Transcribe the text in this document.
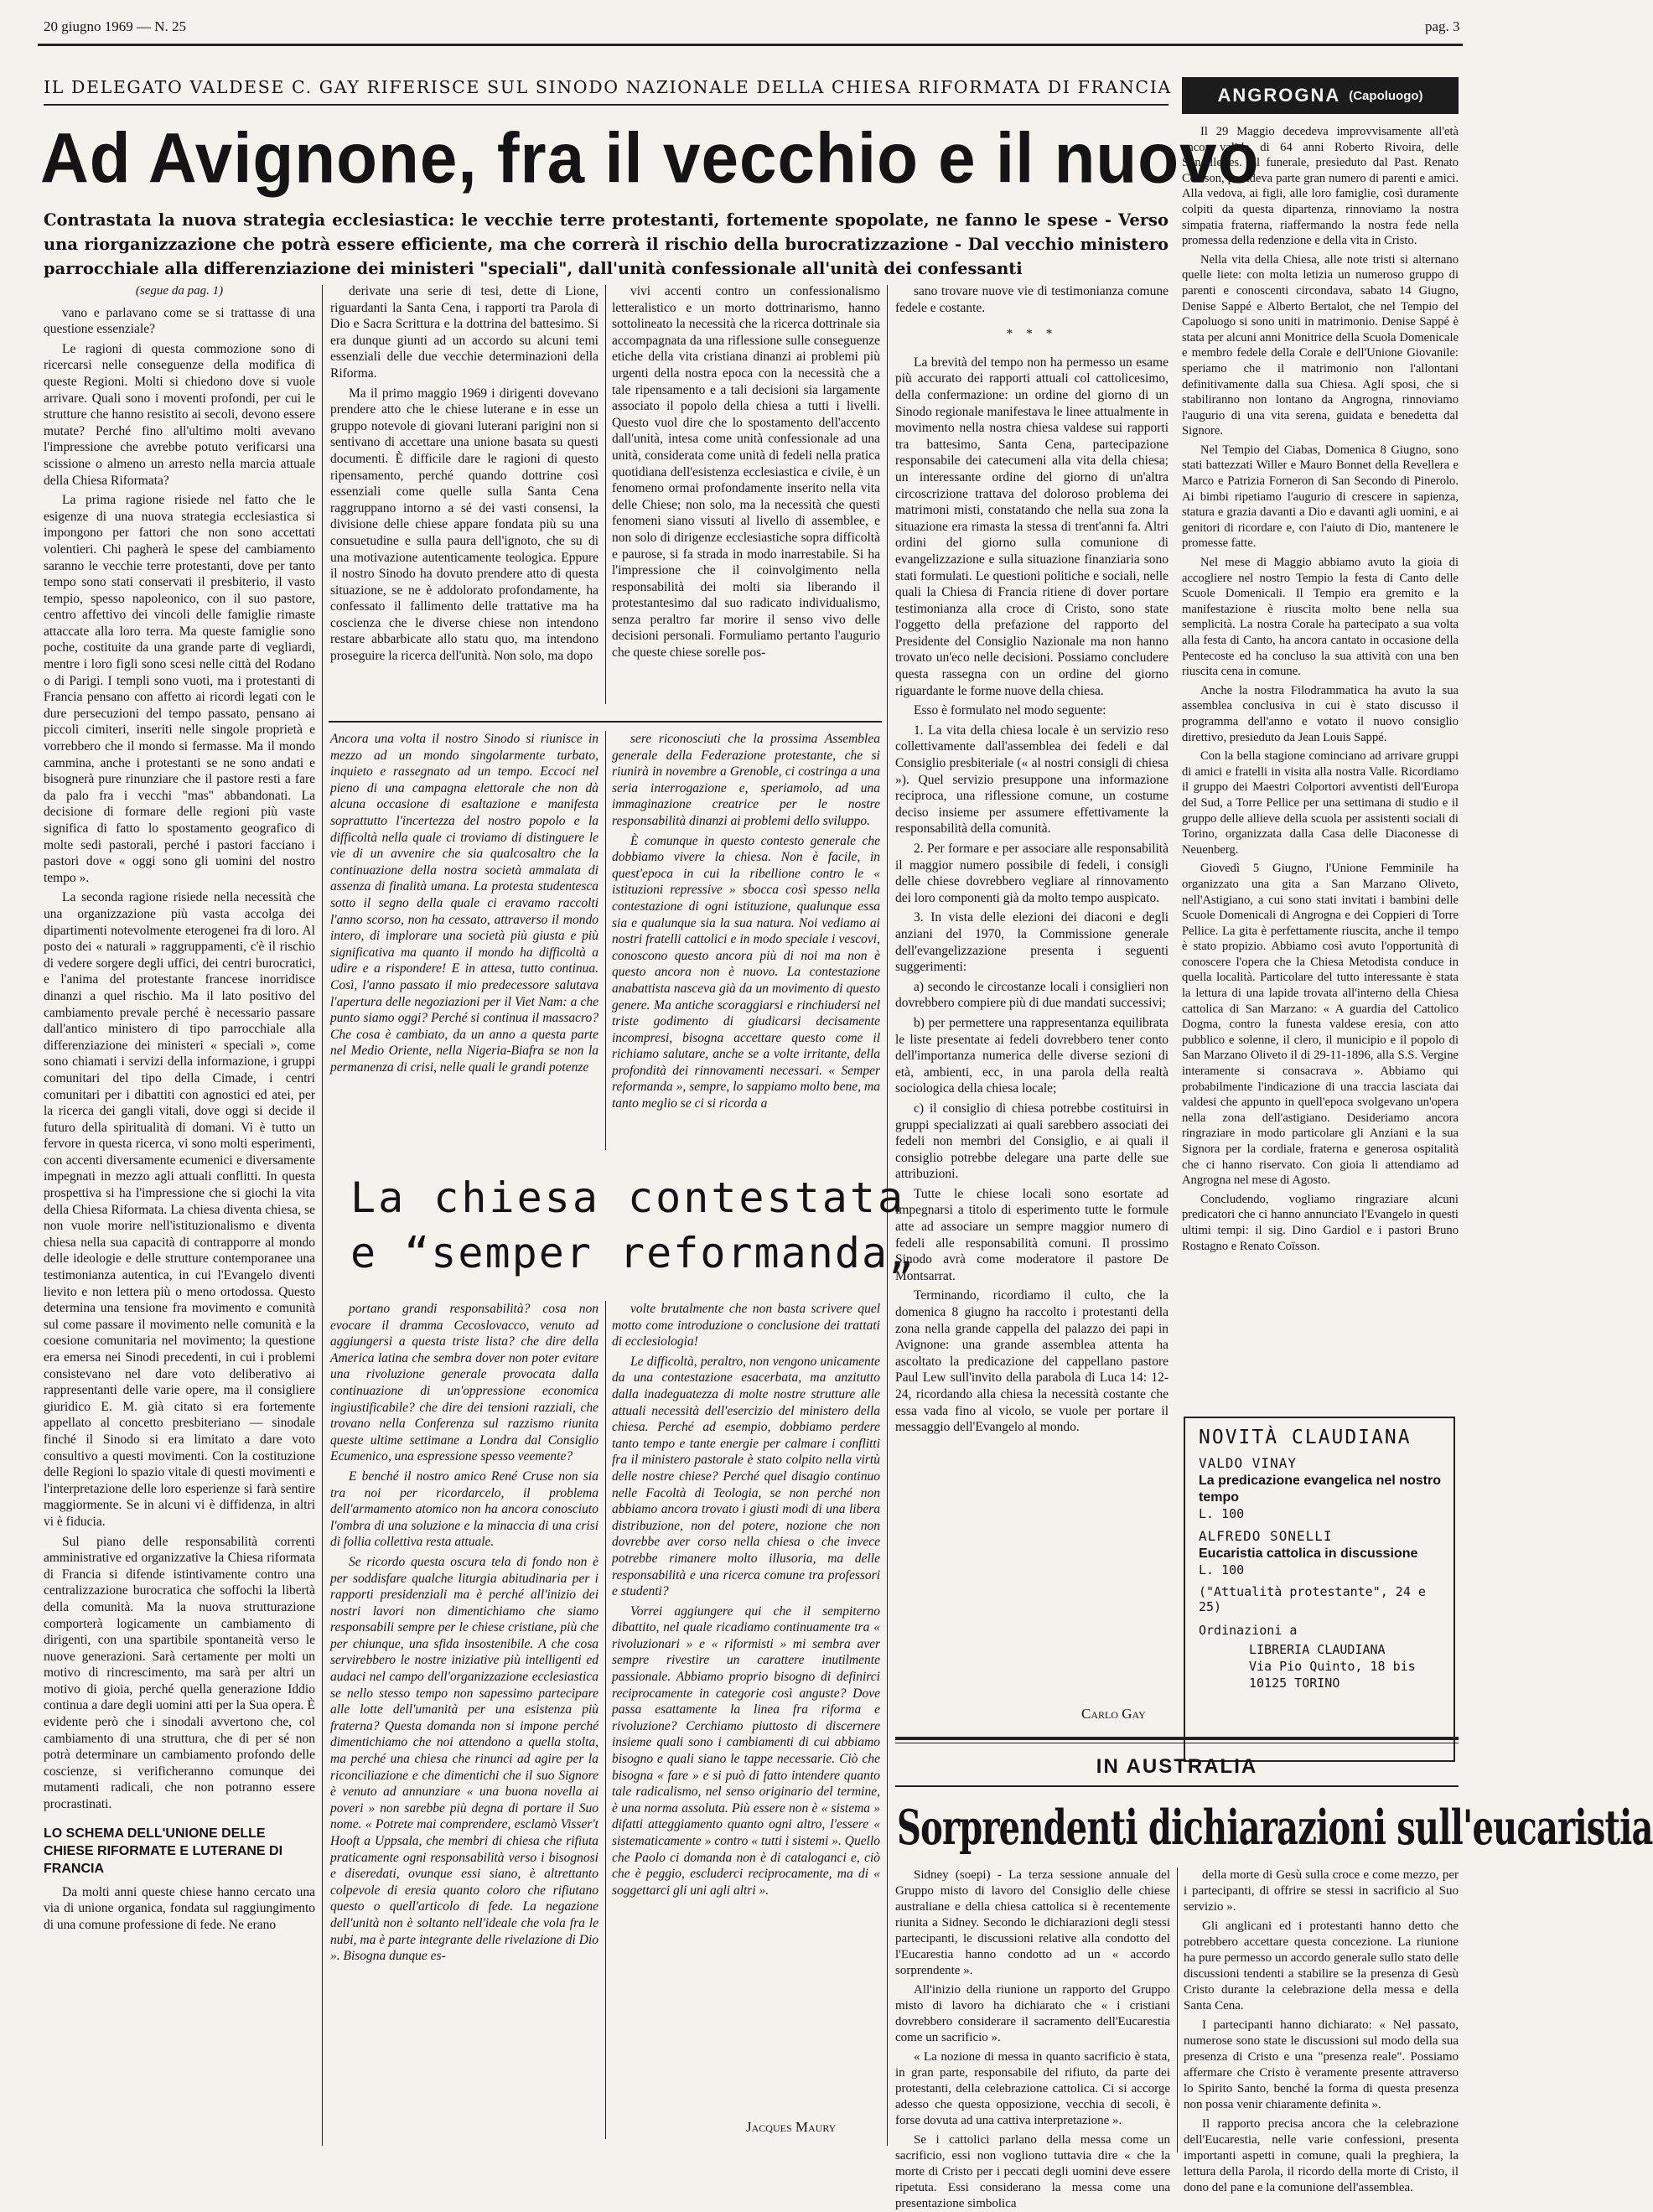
20 giugno 1969 — N. 25	pag. 3
IL DELEGATO VALDESE C. GAY RIFERISCE SUL SINODO NAZIONALE DELLA CHIESA RIFORMATA DI FRANCIA
Ad Avignone, fra il vecchio e il nuovo
Contrastata la nuova strategia ecclesiastica: le vecchie terre protestanti, fortemente spopolate, ne fanno le spese - Verso una riorganizzazione che potrà essere efficiente, ma che correrà il rischio della burocratizzazione - Dal vecchio ministero parrocchiale alla differenziazione dei ministeri "speciali", dall'unità confessionale all'unità dei confessanti
(segue da pag. 1)

vano e parlavano come se si trattasse di una questione essenziale?

Le ragioni di questa commozione sono di ricercarsi nelle conseguenze della modifica di queste Regioni. Molti si chiedono dove si vuole arrivare. Quali sono i moventi profondi, per cui le strutture che hanno resistito ai secoli, devono essere mutate? Perché fino all'ultimo molti avevano l'impressione che avrebbe potuto verificarsi una scissione o almeno un arresto nella marcia attuale della Chiesa Riformata?

La prima ragione risiede nel fatto che le esigenze di una nuova strategia ecclesiastica si impongono per fattori che non sono accettati volentieri. Chi pagherà le spese del cambiamento saranno le vecchie terre protestanti, dove per tanto tempo sono stati conservati il presbiterio, il vasto tempio, spesso napoleonico, con il suo pastore, centro affettivo dei vincoli delle famiglie rimaste attaccate alla loro terra. Ma queste famiglie sono poche, costituite da una grande parte di vegliardi, mentre i loro figli sono scesi nelle città del Rodano o di Parigi. I templi sono vuoti, ma i protestanti di Francia pensano con affetto ai ricordi legati con le dure persecuzioni del tempo passato, pensano ai piccoli cimiteri, inseriti nelle singole proprietà e vorrebbero che il mondo si fermasse. Ma il mondo cammina, anche i protestanti se ne sono andati e bisognerà pure rinunziare che il pastore resti a fare da palo fra i vecchi "mas" abbandonati. La decisione di formare delle regioni più vaste significa di fatto lo spostamento geografico di molte sedi pastorali, perché i pastori facciano i pastori dove « oggi sono gli uomini del nostro tempo ».

La seconda ragione risiede nella necessità che una organizzazione più vasta accolga dei dipartimenti notevolmente eterogenei fra di loro. Al posto dei « naturali » raggruppamenti, c'è il rischio di vedere sorgere degli uffici, dei centri burocratici, e l'anima del protestante francese inorridisce dinanzi a quel rischio. Ma il lato positivo del cambiamento prevale perché è necessario passare dall'antico ministero di tipo parrocchiale alla differenziazione dei ministeri « speciali », come sono chiamati i servizi della informazione, i gruppi comunitari del tipo della Cimade, i centri comunitari per i dibattiti con agnostici ed atei, per la ricerca dei gangli vitali, dove oggi si decide il futuro della spiritualità di domani. Vi è tutto un fervore in questa ricerca, vi sono molti esperimenti, con accenti diversamente ecumenici e diversamente impegnati in mezzo agli attuali conflitti. In questa prospettiva si ha l'impressione che si giochi la vita della Chiesa Riformata. La chiesa diventa chiesa, se non vuole morire nell'istituzionalismo e diventa chiesa nella sua capacità di contrapporre al mondo delle ideologie e delle strutture contemporanee una testimonianza autentica, in cui l'Evangelo diventi lievito e non lettera più o meno ortodossa. Questo determina una tensione fra movimento e comunità sul come passare il movimento nelle comunità e la coesione comunitaria nel movimento; la questione era emersa nei Sinodi precedenti, in cui i problemi consistevano nel dare voto deliberativo ai rappresentanti delle varie opere, ma il consigliere giuridico E. M. già citato si era fortemente appellato al concetto presbiteriano — sinodale finché il Sinodo si era limitato a dare voto consultivo a questi movimenti. Con la costituzione delle Regioni lo spazio vitale di questi movimenti e l'interpretazione delle loro esperienze si farà sentire maggiormente. Se in alcuni vi è diffidenza, in altri vi è fiducia.

Sul piano delle responsabilità correnti amministrative ed organizzative la Chiesa riformata di Francia si difende istintivamente contro una centralizzazione burocratica che soffochi la libertà della comunità. Ma la nuova strutturazione comporterà logicamente un cambiamento di dirigenti, con una spartibile spontaneità verso le nuove generazioni. Sarà certamente per molti un motivo di rincrescimento, ma sarà per altri un motivo di gioia, perché quella generazione Iddio continua a dare degli uomini atti per la Sua opera. È evidente però che i sinodali avvertono che, col cambiamento di una struttura, che di per sé non potrà determinare un cambiamento profondo delle coscienze, si verificheranno comunque dei mutamenti radicali, che non potranno essere procrastinati.

LO SCHEMA DELL'UNIONE DELLE CHIESE RIFORMATE E LUTERANE DI FRANCIA

Da molti anni queste chiese hanno cercato una via di unione organica, fondata sul raggiungimento di una comune professione di fede. Ne erano

derivate una serie di tesi, dette di Lione, riguardanti la Santa Cena, i rapporti tra Parola di Dio e Sacra Scrittura e la dottrina del battesimo. Si era dunque giunti ad un accordo su alcuni temi essenziali delle due vecchie determinazioni della Riforma.

Ma il primo maggio 1969 i dirigenti dovevano prendere atto che le chiese luterane e in esse un gruppo notevole di giovani luterani parigini non si sentivano di accettare una unione basata su questi documenti. È difficile dare le ragioni di questo ripensamento, perché quando dottrine così essenziali come quelle sulla Santa Cena raggruppano intorno a sé dei vasti consensi, la divisione delle chiese appare fondata più su una consuetudine e sulla paura dell'ignoto, che su di una motivazione autenticamente teologica. Eppure il nostro Sinodo ha dovuto prendere atto di questa situazione, se ne è addolorato profondamente, ha confessato il fallimento delle trattative ma ha coscienza che le diverse chiese non intendono restare abbarbicate allo statu quo, ma intendono proseguire la ricerca dell'unità. Non solo, ma dopo

vivi accenti contro un confessionalismo letteralistico e un morto dottrinarismo, hanno sottolineato la necessità che la ricerca dottrinale sia accompagnata da una riflessione sulle conseguenze etiche della vita cristiana dinanzi ai problemi più urgenti della nostra epoca con la necessità che a tale ripensamento e a tali decisioni sia largamente associato il popolo della chiesa a tutti i livelli. Questo vuol dire che lo spostamento dell'accento dall'unità, intesa come unità confessionale ad una unità, considerata come unità di fedeli nella pratica quotidiana dell'esistenza ecclesiastica e civile, è un fenomeno ormai profondamente inserito nella vita delle Chiese; non solo, ma la necessità che questi fenomeni siano vissuti al livello di assemblee, e non solo di dirigenze ecclesiastiche sopra difficoltà e paurose, si fa strada in modo inarrestabile. Si ha l'impressione che il coinvolgimento nella responsabilità dei molti sia liberando il protestantesimo dal suo radicato individualismo, senza peraltro far morire il senso vivo delle decisioni personali. Formuliamo pertanto l'augurio che queste chiese sorelle pos-

sano trovare nuove vie di testimonianza comune fedele e costante.

* * *

La brevità del tempo non ha permesso un esame più accurato dei rapporti attuali col cattolicesimo, della confermazione: un ordine del giorno di un Sinodo regionale manifestava le linee attualmente in movimento nella nostra chiesa valdese sui rapporti tra battesimo, Santa Cena, partecipazione responsabile dei catecumeni alla vita della chiesa; un interessante ordine del giorno di un'altra circoscrizione trattava del doloroso problema dei matrimoni misti, constatando che nella sua zona la situazione era rimasta la stessa di trent'anni fa. Altri ordini del giorno sulla comunione di evangelizzazione e sulla situazione finanziaria sono stati formulati. Le questioni politiche e sociali, nelle quali la Chiesa di Francia ritiene di dover portare testimonianza alla croce di Cristo, sono state l'oggetto della prefazione del rapporto del Presidente del Consiglio Nazionale ma non hanno trovato un'eco nelle decisioni. Possiamo concludere questa rassegna con un ordine del giorno riguardante le forme nuove della chiesa.

Esso è formulato nel modo seguente:

1. La vita della chiesa locale è un servizio reso collettivamente dall'assemblea dei fedeli e dal Consiglio presbiteriale (« al nostri consigli di chiesa »). Quel servizio presuppone una informazione reciproca, una riflessione comune, un costume deciso insieme per assumere effettivamente la responsabilità della comunità.

2. Per formare e per associare alle responsabilità il maggior numero possibile di fedeli, i consigli delle chiese dovrebbero vegliare al rinnovamento dei loro componenti già da molto tempo auspicato.

3. In vista delle elezioni dei diaconi e degli anziani del 1970, la Commissione generale dell'evangelizzazione presenta i seguenti suggerimenti:

a) secondo le circostanze locali i consiglieri non dovrebbero compiere più di due mandati successivi;

b) per permettere una rappresentanza equilibrata le liste presentate ai fedeli dovrebbero tener conto dell'importanza numerica delle diverse sezioni di età, ambienti, ecc, in una parola della realtà sociologica della chiesa locale;

c) il consiglio di chiesa potrebbe costituirsi in gruppi specializzati ai quali sarebbero associati dei fedeli non membri del Consiglio, e ai quali il consiglio potrebbe delegare una parte delle sue attribuzioni.

Tutte le chiese locali sono esortate ad impegnarsi a titolo di esperimento tutte le formule atte ad associare un sempre maggior numero di fedeli alle responsabilità comuni. Il prossimo Sinodo avrà come moderatore il pastore De Montsarrat.

Terminando, ricordiamo il culto, che la domenica 8 giugno ha raccolto i protestanti della zona nella grande cappella del palazzo dei papi in Avignone: una grande assemblea attenta ha ascoltato la predicazione del cappellano pastore Paul Lew sull'invito della parabola di Luca 14: 12-24, ricordando alla chiesa la necessità costante che essa vada fino al vicolo, se vuole per portare il messaggio dell'Evangelo al mondo.

Carlo Gay

Ancora una volta il nostro Sinodo si riunisce in mezzo ad un mondo singolarmente turbato, inquieto e rassegnato ad un tempo. Eccoci nel pieno di una campagna elettorale che non dà alcuna occasione di esaltazione e manifesta soprattutto l'incertezza del nostro popolo e la difficoltà nella quale ci troviamo di distinguere le vie di un avvenire che sia qualcosaltro che la continuazione della nostra società ammalata di assenza di finalità umana. La protesta studentesca sotto il segno della quale ci eravamo raccolti l'anno scorso, non ha cessato, attraverso il mondo intero, di implorare una società più giusta e più significativa ma quanto il mondo ha difficoltà a udire e a rispondere! E in attesa, tutto continua. Così, l'anno passato il mio predecessore salutava l'apertura delle negoziazioni per il Viet Nam: a che punto siamo oggi? Perché si continua il massacro? Che cosa è cambiato, da un anno a questa parte nel Medio Oriente, nella Nigeria-Biafra se non la permanenza di crisi, nelle quali le grandi potenze

sere riconosciuti che la prossima Assemblea generale della Federazione protestante, che si riunirà in novembre a Grenoble, ci costringa a una seria interrogazione e, speriamolo, ad una immaginazione creatrice per le nostre responsabilità dinanzi ai problemi dello sviluppo.

È comunque in questo contesto generale che dobbiamo vivere la chiesa. Non è facile, in quest'epoca in cui la ribellione contro le « istituzioni repressive » sbocca così spesso nella contestazione di ogni istituzione, qualunque essa sia e qualunque sia la sua natura. Noi vediamo ai nostri fratelli cattolici e in modo speciale i vescovi, conoscono questo ancora più di noi ma non è questo ancora non è nuovo. La contestazione anabattista nasceva già da un movimento di questo genere. Ma antiche scoraggiarsi e rinchiudersi nel triste godimento di giudicarsi decisamente incompresi, bisogna accettare questo come il richiamo salutare, anche se a volte irritante, della profondità dei rinnovamenti necessari. « Semper reformanda », sempre, lo sappiamo molto bene, ma tanto meglio se ci si ricorda a

La chiesa contestata
e “semper reformanda„

portano grandi responsabilità? cosa non evocare il dramma Cecoslovacco, venuto ad aggiungersi a questa triste lista? che dire della America latina che sembra dover non poter evitare una rivoluzione generale provocata dalla continuazione di un'oppressione economica ingiustificabile? che dire dei tensioni razziali, che trovano nella Conferenza sul razzismo riunita queste ultime settimane a Londra dal Consiglio Ecumenico, una espressione spesso veemente?

E benché il nostro amico René Cruse non sia tra noi per ricordarcelo, il problema dell'armamento atomico non ha ancora conosciuto l'ombra di una soluzione e la minaccia di una crisi di follia collettiva resta attuale.

Se ricordo questa oscura tela di fondo non è per soddisfare qualche liturgia abitudinaria per i rapporti presidenziali ma è perché all'inizio dei nostri lavori non dimentichiamo che siamo responsabili sempre per le chiese cristiane, più che per chiunque, una sfida insostenibile. A che cosa servirebbero le nostre iniziative più intelligenti ed audaci nel campo dell'organizzazione ecclesiastica se nello stesso tempo non sapessimo partecipare alle lotte dell'umanità per una esistenza più fraterna? Questa domanda non si impone perché dimentichiamo che noi attendono a quella stolta, ma perché una chiesa che rinunci ad agire per la riconciliazione e che dimentichi che il suo Signore è venuto ad annunziare « una buona novella ai poveri » non sarebbe più degna di portare il Suo nome. « Potrete mai comprendere, esclamò Visser't Hooft a Uppsala, che membri di chiesa che rifiuta praticamente ogni responsabilità verso i bisognosi e diseredati, ovunque essi siano, è altrettanto colpevole di eresia quanto coloro che rifiutano questo o quell'articolo di fede. La negazione dell'unità non è soltanto nell'ideale che vola fra le nubi, ma è parte integrante delle rivelazione di Dio ». Bisogna dunque es-

volte brutalmente che non basta scrivere quel motto come introduzione o conclusione dei trattati di ecclesiologia!

Le difficoltà, peraltro, non vengono unicamente da una contestazione esacerbata, ma anzitutto dalla inadeguatezza di molte nostre strutture alle attuali necessità dell'esercizio del ministero della chiesa. Perché ad esempio, dobbiamo perdere tanto tempo e tante energie per calmare i conflitti fra il ministero pastorale è stato colpito nella virtù delle nostre chiese? Perché quel disagio continuo nelle Facoltà di Teologia, se non perché non abbiamo ancora trovato i giusti modi di una libera distribuzione, non del potere, nozione che non dovrebbe aver corso nella chiesa o che invece potrebbe rimanere molto illusoria, ma delle responsabilità e una ricerca comune tra professori e studenti?

Vorrei aggiungere qui che il sempiterno dibattito, nel quale ricadiamo continuamente tra « rivoluzionari » e « riformisti » mi sembra aver sempre rivestire un carattere inutilmente passionale. Abbiamo proprio bisogno di definirci reciprocamente in categorie così anguste? Dove passa esattamente la linea fra riforma e rivoluzione? Cerchiamo piuttosto di discernere insieme quali sono i cambiamenti di cui abbiamo bisogno e quali siano le tappe necessarie. Ciò che bisogna « fare » e si può di fatto intendere quanto tale radicalismo, nel senso originario del termine, è una norma assoluta. Più essere non è « sistema » difatti atteggiamento quanto ogni altro, l'essere « sistematicamente » contro « tutti i sistemi ». Quello che Paolo ci domanda non è di cataloganci e, ciò che è peggio, escluderci reciprocamente, ma di « soggettarci gli uni agli altri ».

Jacques Maury
ANGROGNA (Capoluogo)

Il 29 Maggio decedeva improvvisamente all'età ancor valida di 64 anni Roberto Rivoira, delle Sonaillettes. Al funerale, presieduto dal Past. Renato Coïsson, prendeva parte gran numero di parenti e amici. Alla vedova, ai figli, alle loro famiglie, così duramente colpiti da questa dipartenza, rinnoviamo la nostra simpatia fraterna, riaffermando la nostra fede nella promessa della redenzione e della vita in Cristo.

Nella vita della Chiesa, alle note tristi si alternano quelle liete: con molta letizia un numeroso gruppo di parenti e conoscenti circondava, sabato 14 Giugno, Denise Sappé e Alberto Bertalot, che nel Tempio del Capoluogo si sono uniti in matrimonio. Denise Sappé è stata per alcuni anni Monitrice della Scuola Domenicale e membro fedele della Corale e dell'Unione Giovanile: speriamo che il matrimonio non l'allontani definitivamente dalla sua Chiesa. Agli sposi, che si stabiliranno non lontano da Angrogna, rinnoviamo l'augurio di una vita serena, guidata e benedetta dal Signore.

Nel Tempio del Ciabas, Domenica 8 Giugno, sono stati battezzati Willer e Mauro Bonnet della Revellera e Marco e Patrizia Forneron di San Secondo di Pinerolo. Ai bimbi ripetiamo l'augurio di crescere in sapienza, statura e grazia davanti a Dio e davanti agli uomini, e ai genitori di ricordare e, con l'aiuto di Dio, mantenere le promesse fatte.

Nel mese di Maggio abbiamo avuto la gioia di accogliere nel nostro Tempio la festa di Canto delle Scuole Domenicali. Il Tempio era gremito e la manifestazione è riuscita molto bene nella sua semplicità. La nostra Corale ha partecipato a sua volta alla festa di Canto, ha ancora cantato in occasione della Pentecoste ed ha concluso la sua attività con una ben riuscita cena in comune.

Anche la nostra Filodrammatica ha avuto la sua assemblea conclusiva in cui è stato discusso il programma dell'anno e votato il nuovo consiglio direttivo, presieduto da Jean Louis Sappé.

Con la bella stagione cominciano ad arrivare gruppi di amici e fratelli in visita alla nostra Valle. Ricordiamo il gruppo dei Maestri Colportori avventisti dell'Europa del Sud, a Torre Pellice per una settimana di studio e il gruppo delle allieve della scuola per assistenti sociali di Torino, organizzata dalla Casa delle Diaconesse di Neuenberg.

Giovedì 5 Giugno, l'Unione Femminile ha organizzato una gita a San Marzano Oliveto, nell'Astigiano, a cui sono stati invitati i bambini delle Scuole Domenicali di Angrogna e dei Coppieri di Torre Pellice. La gita è perfettamente riuscita, anche il tempo è stato propizio. Abbiamo così avuto l'opportunità di conoscere l'opera che la Chiesa Metodista conduce in quella località. Particolare del tutto interessante è stata la lettura di una lapide trovata all'interno della Chiesa cattolica di San Marzano: « A guardia del Cattolico Dogma, contro la funesta valdese eresia, con atto pubblico e solenne, il clero, il municipio e il popolo di San Marzano Oliveto il di 29-11-1896, alla S.S. Vergine interamente si consacrava ». Abbiamo qui probabilmente l'indicazione di una traccia lasciata dai valdesi che appunto in quell'epoca svolgevano un'opera nella zona dell'astigiano. Desideriamo ancora ringraziare in modo particolare gli Anziani e la sua Signora per la cordiale, fraterna e generosa ospitalità che ci hanno riservato. Con gioia li attendiamo ad Angrogna nel mese di Agosto.

Concludendo, vogliamo ringraziare alcuni predicatori che ci hanno annunciato l'Evangelo in questi ultimi tempi: il sig. Dino Gardiol e i pastori Bruno Rostagno e Renato Coïsson.

NOVITÀ CLAUDIANA
VALDO VINAY
La predicazione evangelica nel nostro tempo
L. 100
ALFREDO SONELLI
Eucaristia cattolica in discussione
L. 100
("Attualità protestante", 24 e 25)
Ordinazioni a
LIBRERIA CLAUDIANA
Via Pio Quinto, 18 bis
10125 TORINO
IN AUSTRALIA
Sorprendenti dichiarazioni sull'eucaristia

Sidney (soepi) - La terza sessione annuale del Gruppo misto di lavoro del Consiglio delle chiese australiane e della chiesa cattolica si è recentemente riunita a Sidney. Secondo le dichiarazioni degli stessi partecipanti, le discussioni relative alla condotto del l'Eucarestia hanno condotto ad un « accordo sorprendente ».

All'inizio della riunione un rapporto del Gruppo misto di lavoro ha dichiarato che « i cristiani dovrebbero considerare il sacramento dell'Eucarestia come un sacrificio ».

« La nozione di messa in quanto sacrificio è stata, in gran parte, responsabile del rifiuto, da parte dei protestanti, della celebrazione cattolica. Ci si accorge adesso che questa opposizione, vecchia di secoli, è forse dovuta ad una cattiva interpretazione ».

Se i cattolici parlano della messa come un sacrificio, essi non vogliono tuttavia dire « che la morte di Cristo per i peccati degli uomini deve essere ripetuta. Essi considerano la messa come una presentazione simbolica

della morte di Gesù sulla croce e come mezzo, per i partecipanti, di offrire se stessi in sacrificio al Suo servizio ».

Gli anglicani ed i protestanti hanno detto che potrebbero accettare questa concezione. La riunione ha pure permesso un accordo generale sullo stato delle discussioni tendenti a stabilire se la presenza di Gesù Cristo durante la celebrazione della messa e della Santa Cena.

I partecipanti hanno dichiarato: « Nel passato, numerose sono state le discussioni sul modo della sua presenza di Cristo e una "presenza reale". Possiamo affermare che Cristo è veramente presente attraverso lo Spirito Santo, benché la forma di questa presenza non possa venir chiaramente definita ».

Il rapporto precisa ancora che la celebrazione dell'Eucarestia, nelle varie confessioni, presenta importanti aspetti in comune, quali la preghiera, la lettura della Parola, il ricordo della morte di Cristo, il dono del pane e la comunione dell'assemblea.
